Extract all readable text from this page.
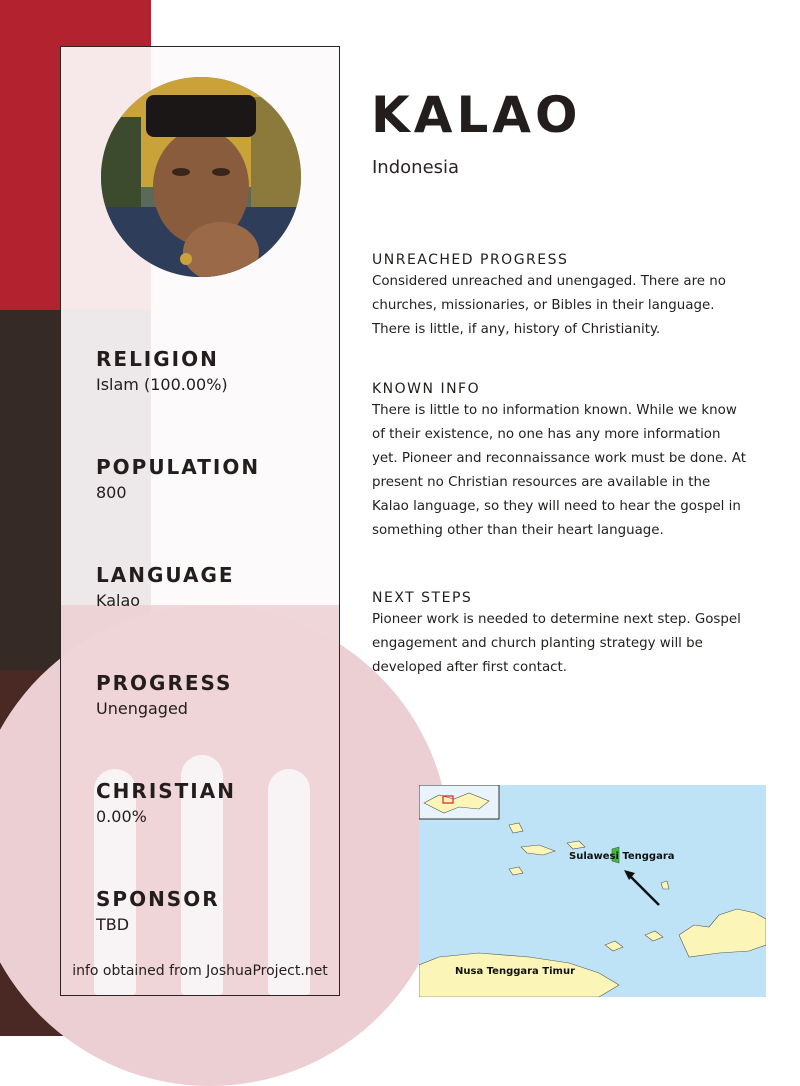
RELIGION
Islam (100.00%)
POPULATION
800
LANGUAGE
Kalao
PROGRESS
Unengaged
CHRISTIAN
0.00%
SPONSOR
TBD
info obtained from JoshuaProject.net
KALAO
Indonesia
UNREACHED PROGRESS
Considered unreached and unengaged. There are no
churches, missionaries, or Bibles in their language.
There is little, if any, history of Christianity.
KNOWN INFO
There is little to no information known. While we know
of their existence, no one has any more information
yet. Pioneer and reconnaissance work must be done. At
present no Christian resources are available in the
Kalao language, so they will need to hear the gospel in
something other than their heart language.
NEXT STEPS
Pioneer work is needed to determine next step. Gospel
engagement and church planting strategy will be
developed after first contact.
Sulawesi Tenggara
Nusa Tenggara Timur
